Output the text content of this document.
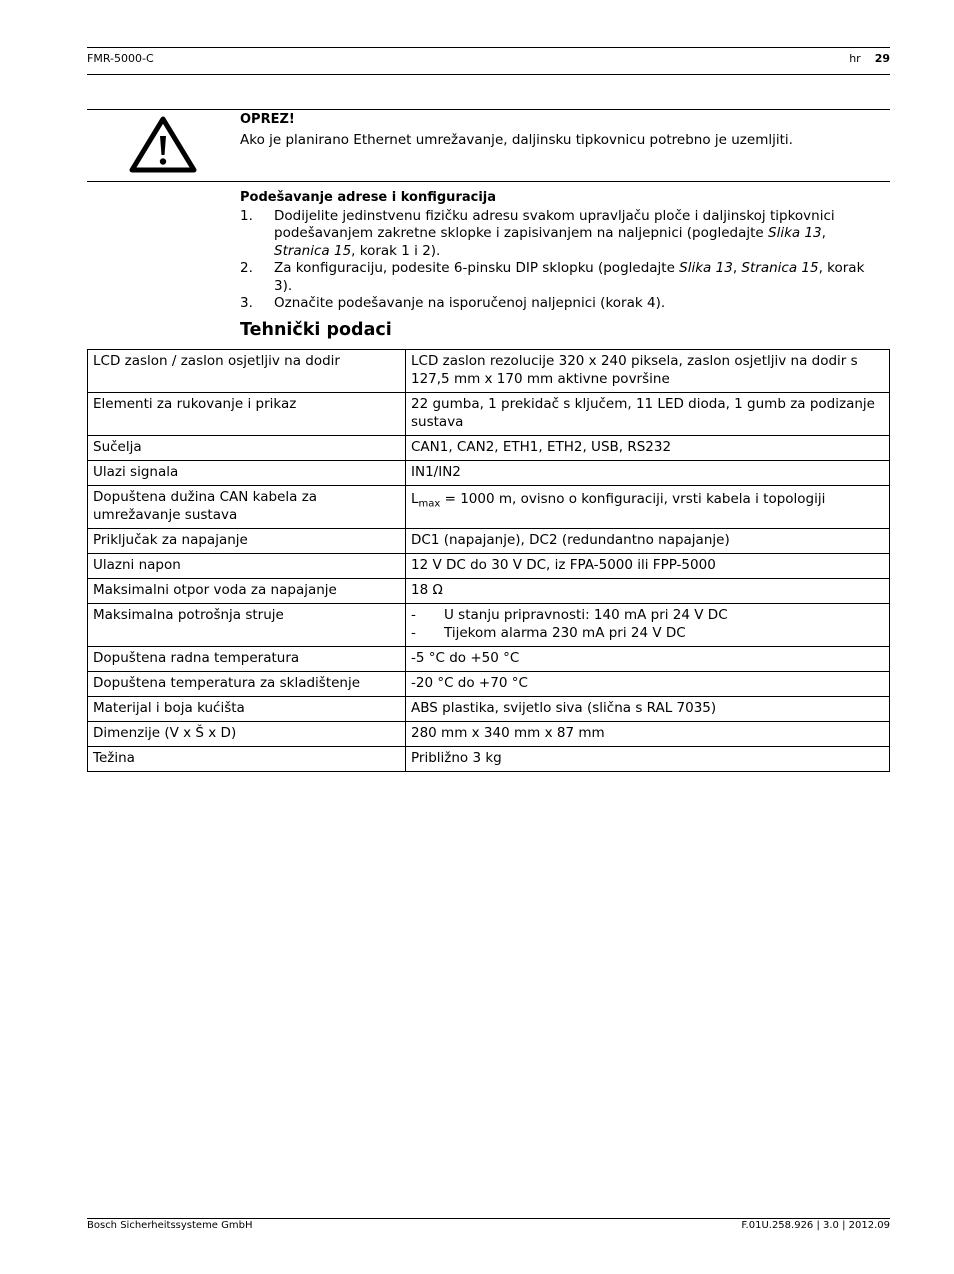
FMR-5000-C	hr 29
OPREZ!
Ako je planirano Ethernet umrežavanje, daljinsku tipkovnicu potrebno je uzemljiti.
Podešavanje adrese i konfiguracija
1. Dodijelite jedinstvenu fizičku adresu svakom upravljaču ploče i daljinskoj tipkovnici podešavanjem zakretne sklopke i zapisivanjem na naljepnici (pogledajte Slika 13, Stranica 15, korak 1 i 2).
2. Za konfiguraciju, podesite 6-pinsku DIP sklopku (pogledajte Slika 13, Stranica 15, korak 3).
3. Označite podešavanje na isporučenoj naljepnici (korak 4).
Tehnički podaci
LCD zaslon / zaslon osjetljiv na dodir	LCD zaslon rezolucije 320 x 240 piksela, zaslon osjetljiv na dodir s 127,5 mm x 170 mm aktivne površine
Elementi za rukovanje i prikaz	22 gumba, 1 prekidač s ključem, 11 LED dioda, 1 gumb za podizanje sustava
Sučelja	CAN1, CAN2, ETH1, ETH2, USB, RS232
Ulazi signala	IN1/IN2
Dopuštena dužina CAN kabela za umrežavanje sustava	$L_{max} = 1000$ m, ovisno o konfiguraciji, vrsti kabela i topologiji
Priključak za napajanje	DC1 (napajanje), DC2 (redundantno napajanje)
Ulazni napon	12 V DC do 30 V DC, iz FPA-5000 ili FPP-5000
Maksimalni otpor voda za napajanje	18 Ω
Maksimalna potrošnja struje	- U stanju pripravnosti: 140 mA pri 24 V DC
- Tijekom alarma 230 mA pri 24 V DC

Dopuštena radna temperatura	-5 °C do +50 °C
Dopuštena temperatura za skladištenje	-20 °C do +70 °C
Materijal i boja kućišta	ABS plastika, svijetlo siva (slična s RAL 7035)
Dimenzije (V x Š x D)	280 mm x 340 mm x 87 mm
Težina	Približno 3 kg
Bosch Sicherheitssysteme GmbH	F.01U.258.926 | 3.0 | 2012.09
